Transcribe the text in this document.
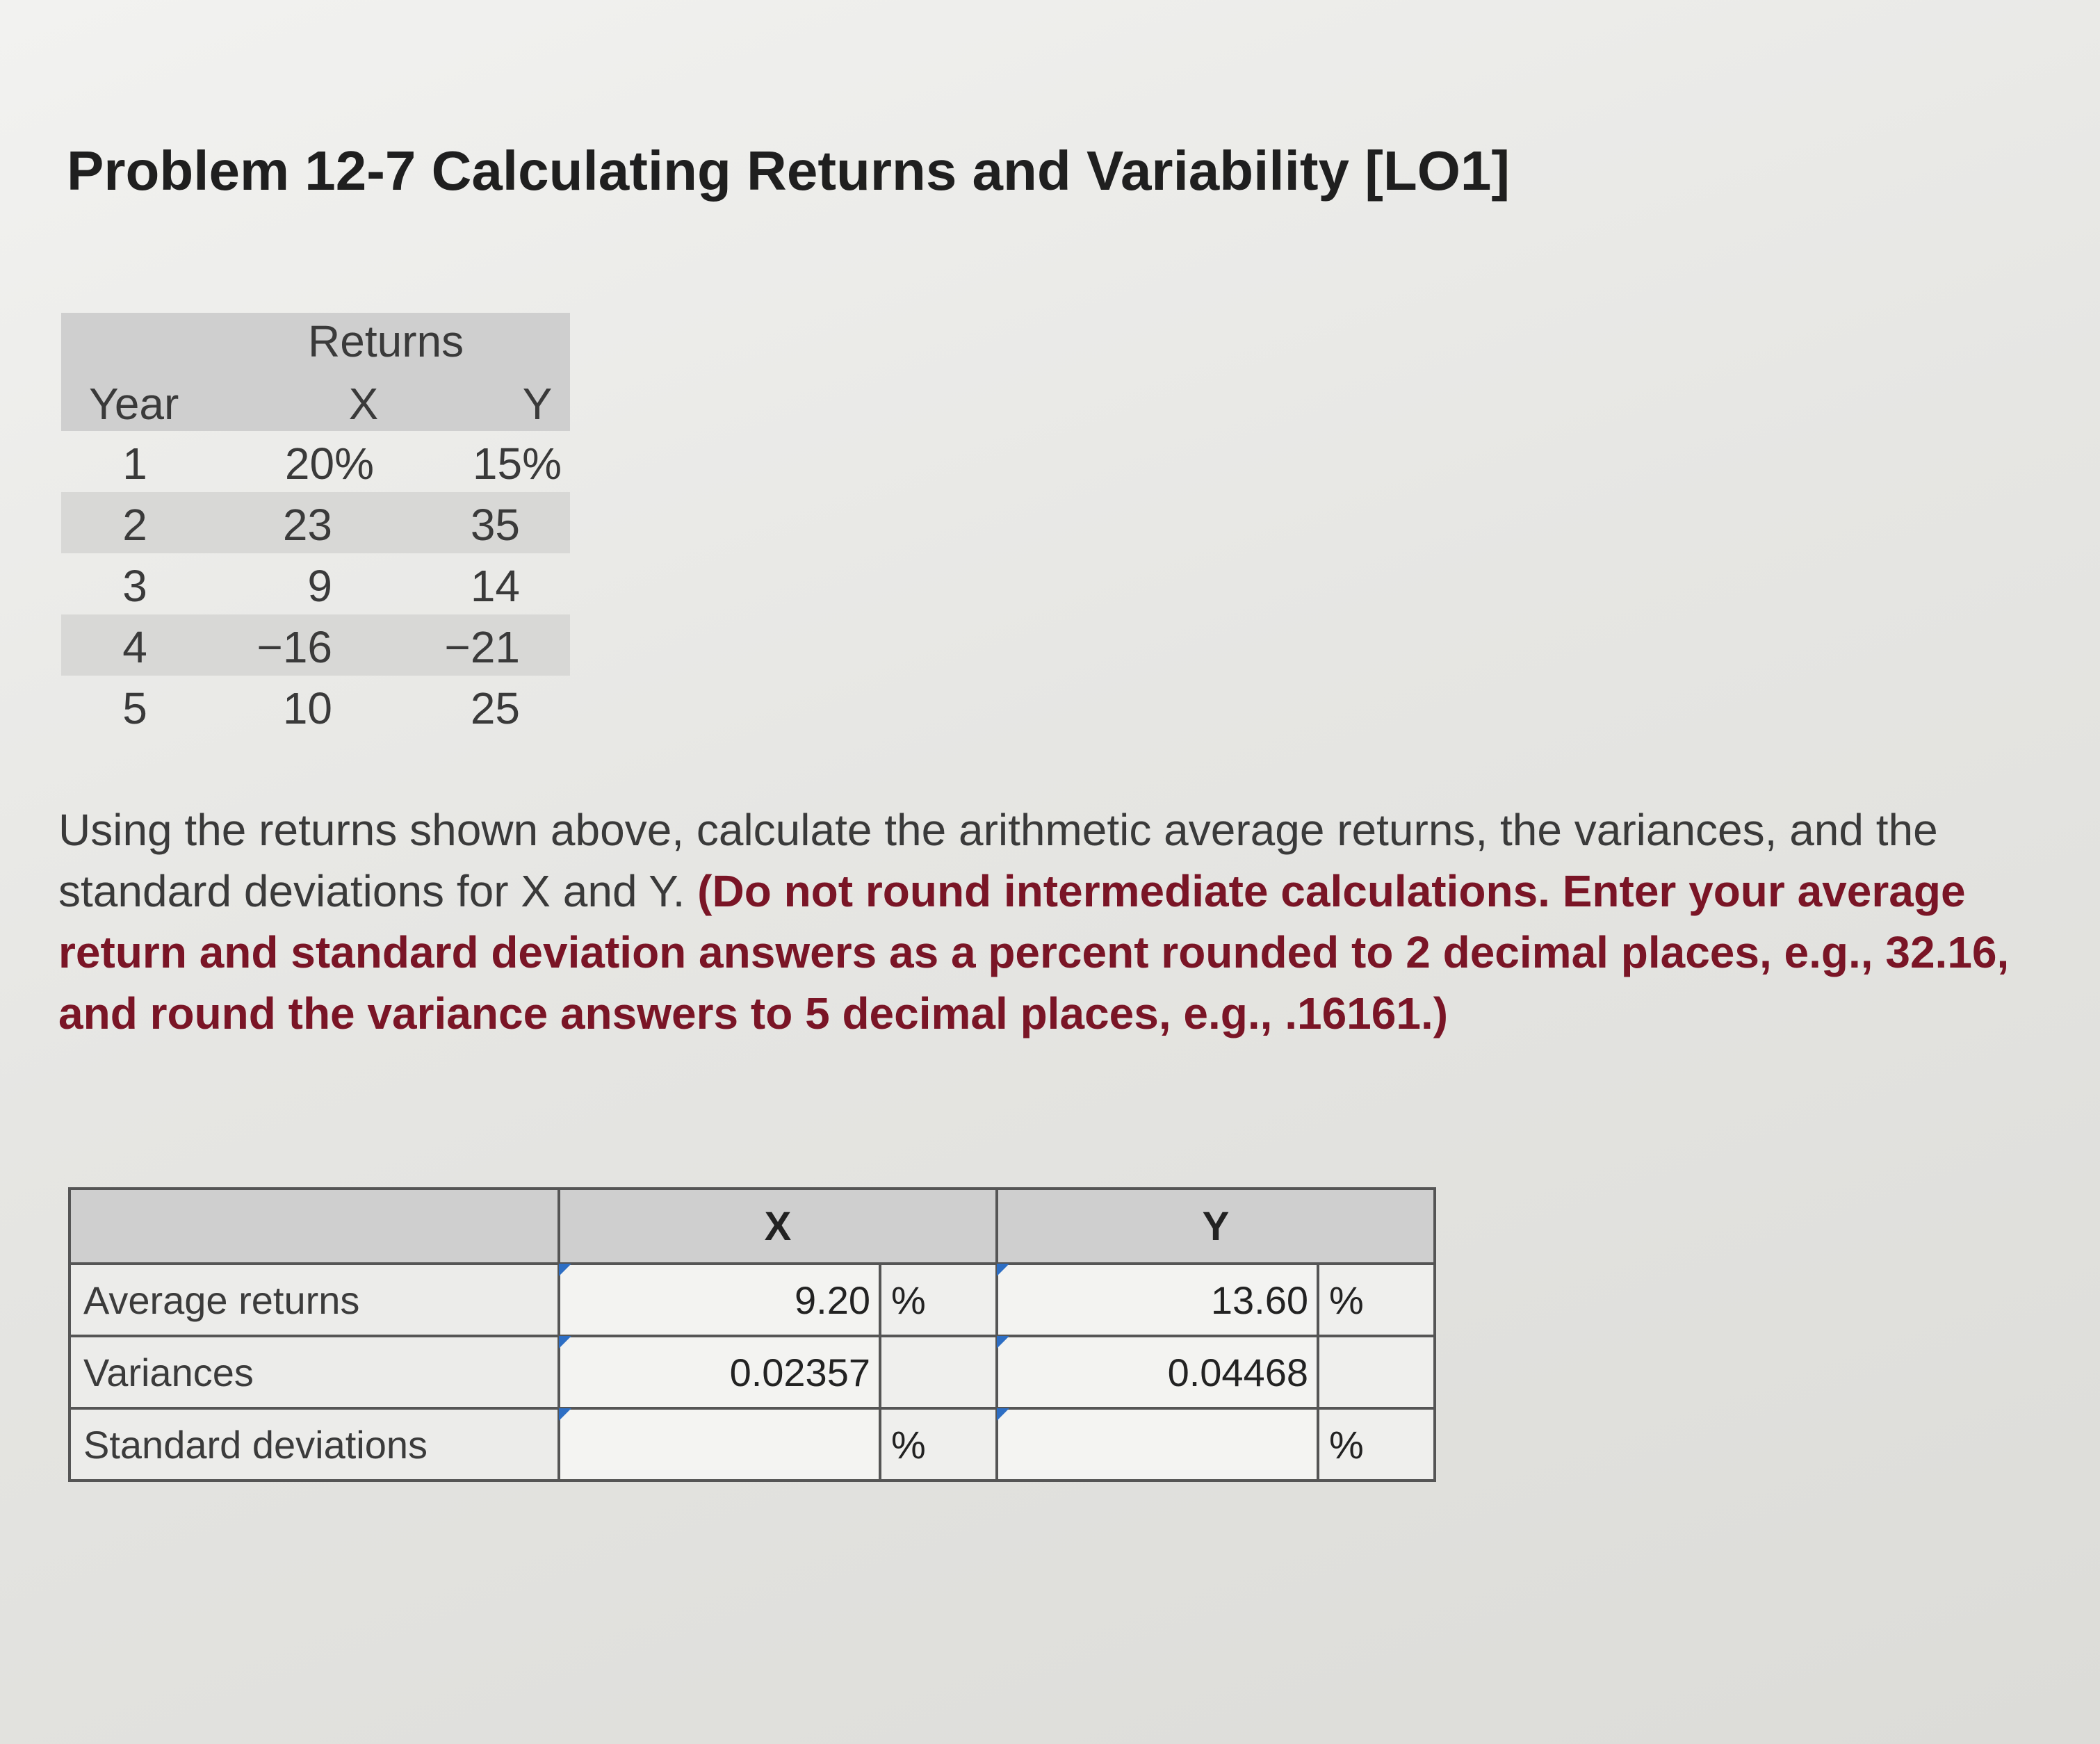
Problem 12-7 Calculating Returns and Variability [LO1]
Returns
Year	X	Y
1	20%	15%
2	23	35
3	9	14
4	−16	−21
5	10	25

Using the returns shown above, calculate the arithmetic average returns, the variances, and the standard deviations for X and Y. (Do not round intermediate calculations. Enter your average return and standard deviation answers as a percent rounded to 2 decimal places, e.g., 32.16, and round the variance answers to 5 decimal places, e.g., .16161.)

	X		Y	
Average returns	9.20	%	13.60	%
Variances	0.02357		0.04468	
Standard deviations		%		%
